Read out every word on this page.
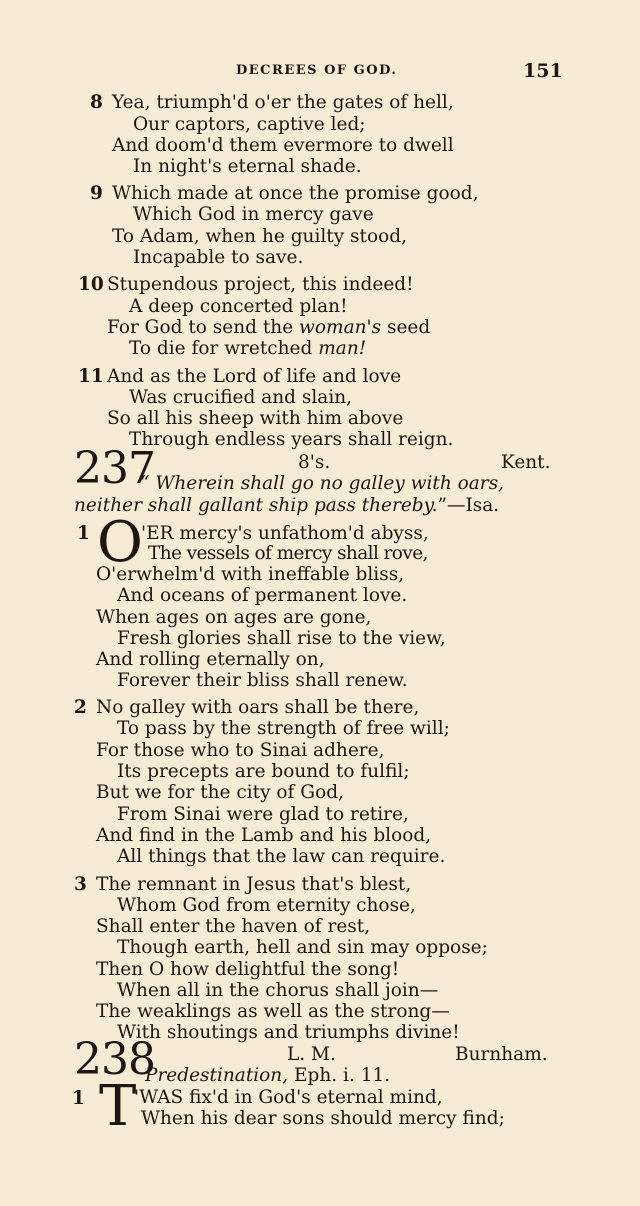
DECREES OF GOD.	151
8 Yea, triumph'd o'er the gates of hell,
Our captors, captive led;
And doom'd them evermore to dwell
In night's eternal shade.
9 Which made at once the promise good,
Which God in mercy gave
To Adam, when he guilty stood,
Incapable to save.
10 Stupendous project, this indeed!
A deep concerted plan!
For God to send the woman's seed
To die for wretched man!
11 And as the Lord of life and love
Was crucified and slain,
So all his sheep with him above
Through endless years shall reign.
237	8's.	Kent.
“ Wherein shall go no galley with oars,
neither shall gallant ship pass thereby.”—Isa.
1 O
'ER mercy's unfathom'd abyss,
The vessels of mercy shall rove,
O'erwhelm'd with ineffable bliss,
And oceans of permanent love.
When ages on ages are gone,
Fresh glories shall rise to the view,
And rolling eternally on,
Forever their bliss shall renew.
2 No galley with oars shall be there,
To pass by the strength of free will;
For those who to Sinai adhere,
Its precepts are bound to fulfil;
But we for the city of God,
From Sinai were glad to retire,
And find in the Lamb and his blood,
All things that the law can require.
3 The remnant in Jesus that's blest,
Whom God from eternity chose,
Shall enter the haven of rest,
Though earth, hell and sin may oppose;
Then O how delightful the song!
When all in the chorus shall join—
The weaklings as well as the strong—
With shoutings and triumphs divine!
238	L. M.	Burnham.
Predestination, Eph. i. 11.
1 T
'WAS fix'd in God's eternal mind,
When his dear sons should mercy find;
